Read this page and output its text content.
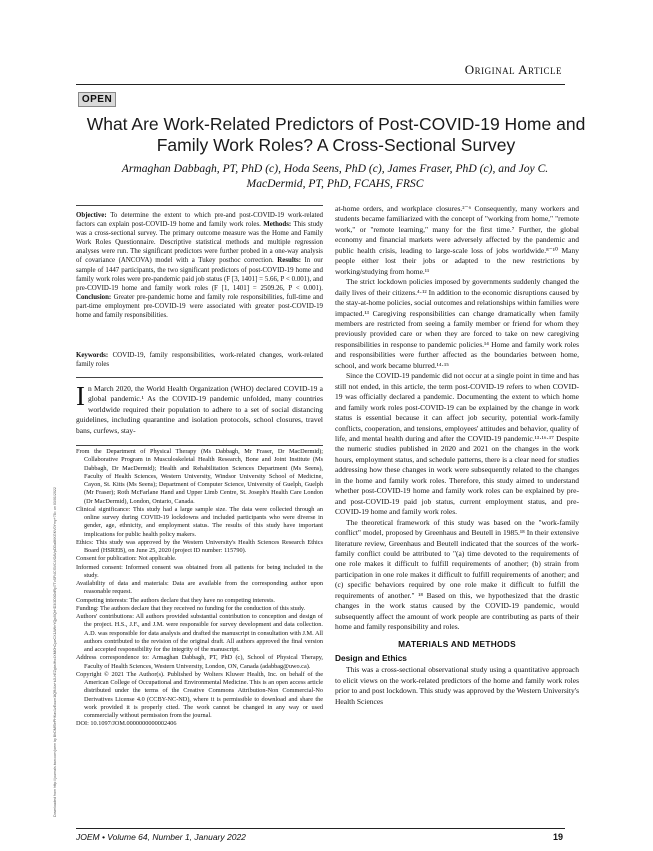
Original Article
OPEN
What Are Work-Related Predictors of Post-COVID-19 Home and Family Work Roles? A Cross-Sectional Survey
Armaghan Dabbagh, PT, PhD (c), Hoda Seens, PhD (c), James Fraser, PhD (c), and Joy C. MacDermid, PT, PhD, FCAHS, FRSC
Downloaded from http://journals.lww.com/joem by BhDMf5ePHKav1zEoum1tQfN4a+kJLhEZgbsIHo4XMi0hCywCX1AWnYQp/IlQrHD3i3D0OdRyi7TvSFl4Cf3VC4/OAVpDDa8KKGKV0Ymy+78= on 03/01/2022
Objective: To determine the extent to which pre-and post-COVID-19 work-related factors can explain post-COVID-19 home and family work roles. Methods: This study was a cross-sectional survey. The primary outcome measure was the Home and Family Work Roles Questionnaire. Descriptive statistical methods and multiple regression analyses were run. The significant predictors were further probed in a one-way analysis of covariance (ANCOVA) model with a Tukey posthoc correction. Results: In our sample of 1447 participants, the two significant predictors of post-COVID-19 home and family work roles were pre-pandemic paid job status (F [3, 1401] = 5.66, P < 0.001), and pre-COVID-19 home and family work roles (F [1, 1401] = 2509.26, P < 0.001). Conclusion: Greater pre-pandemic home and family role responsibilities, full-time and part-time employment pre-COVID-19 were associated with greater post-COVID-19 home and family responsibilities.
Keywords: COVID-19, family responsibilities, work-related changes, work-related family roles
In March 2020, the World Health Organization (WHO) declared COVID-19 a global pandemic.¹ As the COVID-19 pandemic unfolded, many countries worldwide required their population to adhere to a set of social distancing guidelines, including quarantine and isolation protocols, school closures, travel bans, curfews, stay-
From the Department of Physical Therapy (Ms Dabbagh, Mr Fraser, Dr MacDermid); Collaborative Program in Musculoskeletal Health Research, Bone and Joint Institute (Ms Dabbagh, Dr MacDermid); Health and Rehabilitation Sciences Department (Ms Seens), Faculty of Health Sciences, Western University, Windsor University School of Medicine, Cayon, St. Kitts (Ms Seens); Department of Computer Science, University of Guelph, Guelph (Mr Fraser); Roth McFarlane Hand and Upper Limb Centre, St. Joseph's Health Care London (Dr MacDermid), London, Ontario, Canada.
Clinical significance: This study had a large sample size. The data were collected through an online survey during COVID-19 lockdowns and included participants who were diverse in gender, age, ethnicity, and employment status. The results of this study have important implications for public health policy makers.
Ethics: This study was approved by the Western University's Health Sciences Research Ethics Board (HSREB), on June 25, 2020 (project ID number: 115790).
Consent for publication: Not applicable.
Informed consent: Informed consent was obtained from all patients for being included in the study.
Availability of data and materials: Data are available from the corresponding author upon reasonable request.
Competing interests: The authors declare that they have no competing interests.
Funding: The authors declare that they received no funding for the conduction of this study.
Authors' contributions: All authors provided substantial contribution to conception and design of the project. H.S., J.F., and J.M. were responsible for survey development and data collection. A.D. was responsible for data analysis and drafted the manuscript in consultation with J.M. All authors contributed to the revision of the original draft. All authors approved the final version and accepted responsibility for the integrity of the manuscript.
Address correspondence to: Armaghan Dabbagh, PT, PhD (c), School of Physical Therapy, Faculty of Health Sciences, Western University, London, ON, Canada (adabbag@uwo.ca).
Copyright © 2021 The Author(s). Published by Wolters Kluwer Health, Inc. on behalf of the American College of Occupational and Environmental Medicine. This is an open access article distributed under the terms of the Creative Commons Attribution-Non Commercial-No Derivatives License 4.0 (CCBY-NC-ND), where it is permissible to download and share the work provided it is properly cited. The work cannot be changed in any way or used commercially without permission from the journal.
DOI: 10.1097/JOM.0000000000002406

at-home orders, and workplace closures.²⁻⁶ Consequently, many workers and students became familiarized with the concept of "working from home," "remote work," or "remote learning," many for the first time.⁷ Further, the global economy and financial markets were adversely affected by the pandemic and public health crisis, leading to large-scale loss of jobs worldwide.⁸⁻¹⁰ Many people either lost their jobs or adapted to the new restrictions by working/studying from home.¹¹

The strict lockdown policies imposed by governments suddenly changed the daily lives of their citizens.⁴·¹² In addition to the economic disruptions caused by the stay-at-home policies, social outcomes and relationships within families were impacted.¹³ Caregiving responsibilities can change dramatically when family members are restricted from seeing a family member or friend for whom they previously provided care or when they are forced to take on new caregiving responsibilities in response to pandemic policies.¹⁴ Home and family work roles and responsibilities were further affected as the boundaries between home, school, and work became blurred.¹⁴·¹⁵

Since the COVID-19 pandemic did not occur at a single point in time and has still not ended, in this article, the term post-COVID-19 refers to when COVID-19 was officially declared a pandemic. Documenting the extent to which home and family work roles post-COVID-19 can be explained by the change in work status is essential because it can affect job security, potential work-family conflicts, cooperation, and tensions, employees' attitudes and behavior, quality of life, and mental health during and after the COVID-19 pandemic.¹³·¹⁶·¹⁷ Despite the numeric studies published in 2020 and 2021 on the changes in the work hours, employment status, and schedule patterns, there is a clear need for studies addressing how these changes in work were subsequently related to the changes in the home and family work roles. Therefore, this study aimed to understand whether post-COVID-19 home and family work roles can be explained by pre- and post-COVID-19 paid job status, current employment status, and pre-COVID-19 home and family work roles.

The theoretical framework of this study was based on the "work-family conflict" model, proposed by Greenhaus and Beutell in 1985.¹⁸ In their extensive literature review, Greenhaus and Beutell indicated that the sources of the work-family conflict could be attributed to "(a) time devoted to the requirements of one role makes it difficult to fulfill requirements of another; (b) strain from participation in one role makes it difficult to fulfill requirements of another; and (c) specific behaviors required by one role make it difficult to fulfill the requirements of another." ¹⁸ Based on this, we hypothesized that the drastic changes in the work status caused by the COVID-19 pandemic, would subsequently affect the amount of work people are contributing as parts of their home and family responsibility and roles.

MATERIALS AND METHODS
Design and Ethics

This was a cross-sectional observational study using a quantitative approach to elicit views on the work-related predictors of the home and family work roles prior to and post lockdown. This study was approved by the Western University's Health Sciences

JOEM • Volume 64, Number 1, January 2022	19
